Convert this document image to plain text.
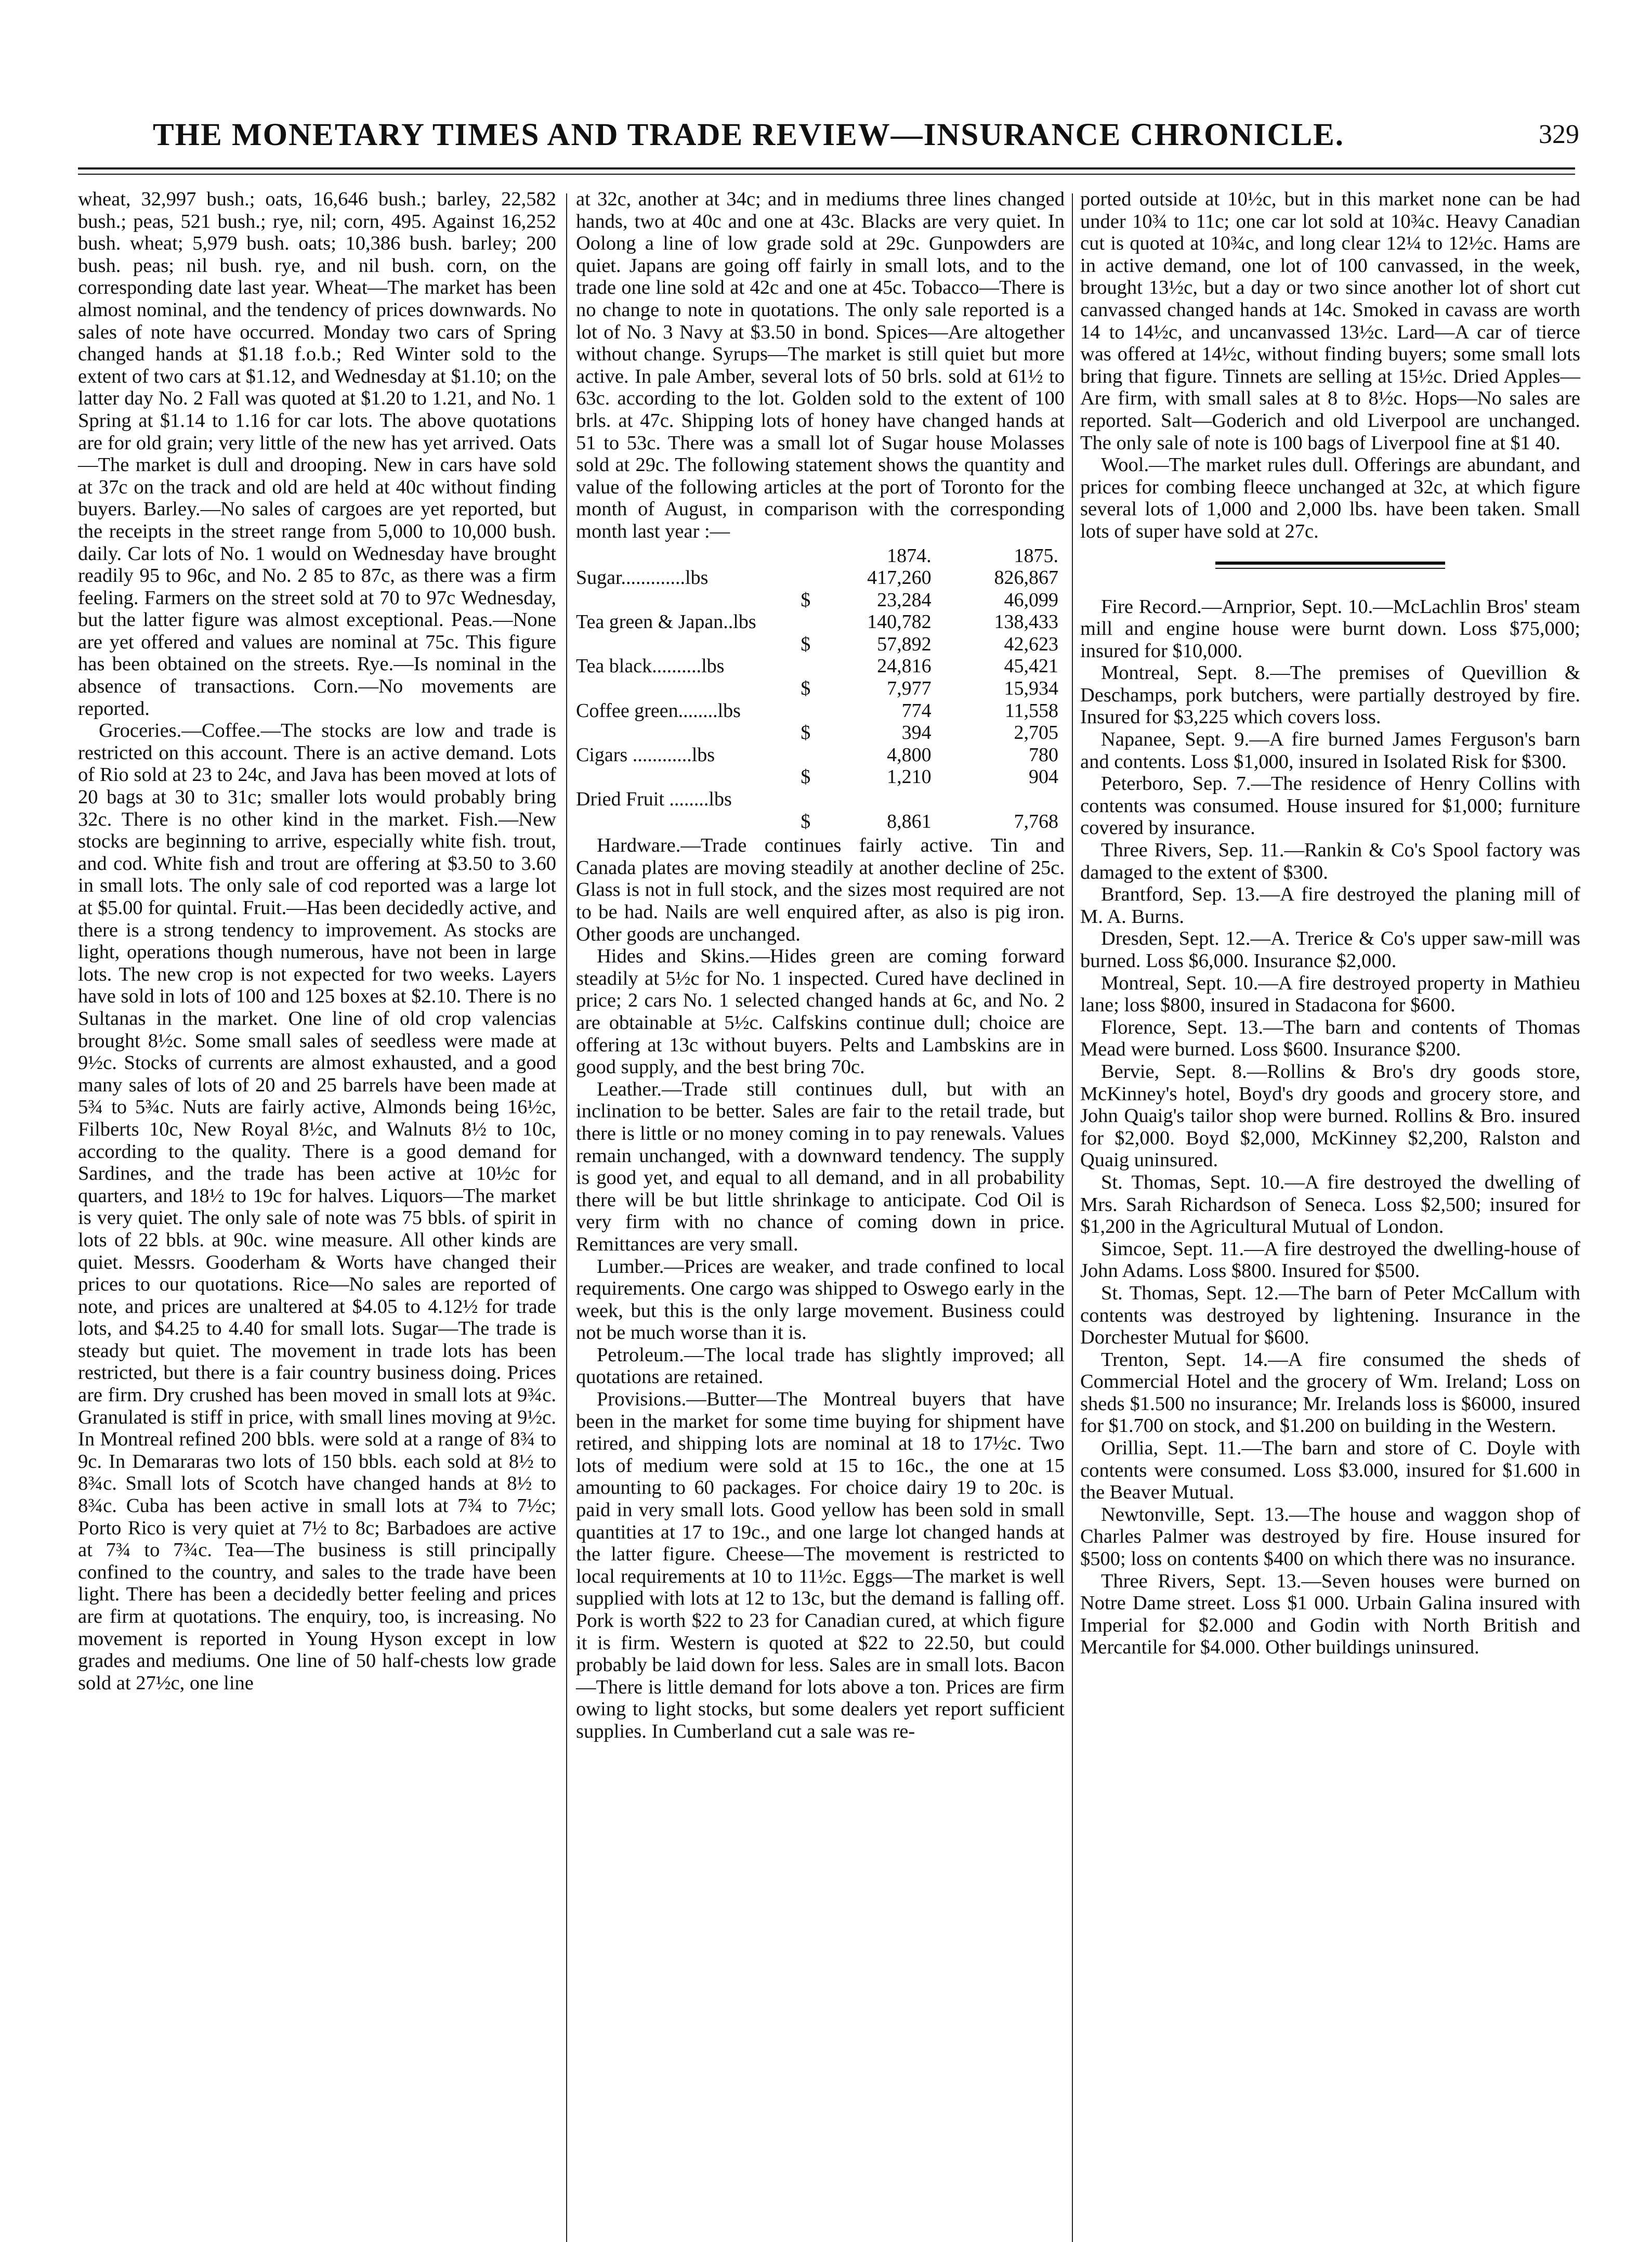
THE MONETARY TIMES AND TRADE REVIEW—INSURANCE CHRONICLE.	329

wheat, 32,997 bush.; oats, 16,646 bush.; barley, 22,582 bush.; peas, 521 bush.; rye, nil; corn, 495. Against 16,252 bush. wheat; 5,979 bush. oats; 10,386 bush. barley; 200 bush. peas; nil bush. rye, and nil bush. corn, on the corresponding date last year. Wheat—The market has been almost nominal, and the tendency of prices downwards. No sales of note have occurred. Monday two cars of Spring changed hands at $1.18 f.o.b.; Red Winter sold to the extent of two cars at $1.12, and Wednesday at $1.10; on the latter day No. 2 Fall was quoted at $1.20 to 1.21, and No. 1 Spring at $1.14 to 1.16 for car lots. The above quotations are for old grain; very little of the new has yet arrived. Oats—The market is dull and drooping. New in cars have sold at 37c on the track and old are held at 40c without finding buyers. Barley.—No sales of cargoes are yet reported, but the receipts in the street range from 5,000 to 10,000 bush. daily. Car lots of No. 1 would on Wednesday have brought readily 95 to 96c, and No. 2 85 to 87c, as there was a firm feeling. Farmers on the street sold at 70 to 97c Wednesday, but the latter figure was almost exceptional. Peas.—None are yet offered and values are nominal at 75c. This figure has been obtained on the streets. Rye.—Is nominal in the absence of transactions. Corn.—No movements are reported.

Groceries.—Coffee.—The stocks are low and trade is restricted on this account. There is an active demand. Lots of Rio sold at 23 to 24c, and Java has been moved at lots of 20 bags at 30 to 31c; smaller lots would probably bring 32c. There is no other kind in the market. Fish.—New stocks are beginning to arrive, especially white fish. trout, and cod. White fish and trout are offering at $3.50 to 3.60 in small lots. The only sale of cod reported was a large lot at $5.00 for quintal. Fruit.—Has been decidedly active, and there is a strong tendency to improvement. As stocks are light, operations though numerous, have not been in large lots. The new crop is not expected for two weeks. Layers have sold in lots of 100 and 125 boxes at $2.10. There is no Sultanas in the market. One line of old crop valencias brought 8½c. Some small sales of seedless were made at 9½c. Stocks of currents are almost exhausted, and a good many sales of lots of 20 and 25 barrels have been made at 5¾ to 5¾c. Nuts are fairly active, Almonds being 16½c, Filberts 10c, New Royal 8½c, and Walnuts 8½ to 10c, according to the quality. There is a good demand for Sardines, and the trade has been active at 10½c for quarters, and 18½ to 19c for halves. Liquors—The market is very quiet. The only sale of note was 75 bbls. of spirit in lots of 22 bbls. at 90c. wine measure. All other kinds are quiet. Messrs. Gooderham & Worts have changed their prices to our quotations. Rice—No sales are reported of note, and prices are unaltered at $4.05 to 4.12½ for trade lots, and $4.25 to 4.40 for small lots. Sugar—The trade is steady but quiet. The movement in trade lots has been restricted, but there is a fair country business doing. Prices are firm. Dry crushed has been moved in small lots at 9¾c. Granulated is stiff in price, with small lines moving at 9½c. In Montreal refined 200 bbls. were sold at a range of 8¾ to 9c. In Demararas two lots of 150 bbls. each sold at 8½ to 8¾c. Small lots of Scotch have changed hands at 8½ to 8¾c. Cuba has been active in small lots at 7¾ to 7½c; Porto Rico is very quiet at 7½ to 8c; Barbadoes are active at 7¾ to 7¾c. Tea—The business is still principally confined to the country, and sales to the trade have been light. There has been a decidedly better feeling and prices are firm at quotations. The enquiry, too, is increasing. No movement is reported in Young Hyson except in low grades and mediums. One line of 50 half-chests low grade sold at 27½c, one line

at 32c, another at 34c; and in mediums three lines changed hands, two at 40c and one at 43c. Blacks are very quiet. In Oolong a line of low grade sold at 29c. Gunpowders are quiet. Japans are going off fairly in small lots, and to the trade one line sold at 42c and one at 45c. Tobacco—There is no change to note in quotations. The only sale reported is a lot of No. 3 Navy at $3.50 in bond. Spices—Are altogether without change. Syrups—The market is still quiet but more active. In pale Amber, several lots of 50 brls. sold at 61½ to 63c. according to the lot. Golden sold to the extent of 100 brls. at 47c. Shipping lots of honey have changed hands at 51 to 53c. There was a small lot of Sugar house Molasses sold at 29c. The following statement shows the quantity and value of the following articles at the port of Toronto for the month of August, in comparison with the corresponding month last year :—

	1874.	1875.
Sugar.............lbs	417,260	826,867
$	23,284	46,099
Tea green & Japan..lbs	140,782	138,433
$	57,892	42,623
Tea black..........lbs	24,816	45,421
$	7,977	15,934
Coffee green........lbs	774	11,558
$	394	2,705
Cigars ............lbs	4,800	780
$	1,210	904
Dried Fruit ........lbs		
$	8,861	7,768

Hardware.—Trade continues fairly active. Tin and Canada plates are moving steadily at another decline of 25c. Glass is not in full stock, and the sizes most required are not to be had. Nails are well enquired after, as also is pig iron. Other goods are unchanged.

Hides and Skins.—Hides green are coming forward steadily at 5½c for No. 1 inspected. Cured have declined in price; 2 cars No. 1 selected changed hands at 6c, and No. 2 are obtainable at 5½c. Calfskins continue dull; choice are offering at 13c without buyers. Pelts and Lambskins are in good supply, and the best bring 70c.

Leather.—Trade still continues dull, but with an inclination to be better. Sales are fair to the retail trade, but there is little or no money coming in to pay renewals. Values remain unchanged, with a downward tendency. The supply is good yet, and equal to all demand, and in all probability there will be but little shrinkage to anticipate. Cod Oil is very firm with no chance of coming down in price. Remittances are very small.

Lumber.—Prices are weaker, and trade confined to local requirements. One cargo was shipped to Oswego early in the week, but this is the only large movement. Business could not be much worse than it is.

Petroleum.—The local trade has slightly improved; all quotations are retained.

Provisions.—Butter—The Montreal buyers that have been in the market for some time buying for shipment have retired, and shipping lots are nominal at 18 to 17½c. Two lots of medium were sold at 15 to 16c., the one at 15 amounting to 60 packages. For choice dairy 19 to 20c. is paid in very small lots. Good yellow has been sold in small quantities at 17 to 19c., and one large lot changed hands at the latter figure. Cheese—The movement is restricted to local requirements at 10 to 11½c. Eggs—The market is well supplied with lots at 12 to 13c, but the demand is falling off. Pork is worth $22 to 23 for Canadian cured, at which figure it is firm. Western is quoted at $22 to 22.50, but could probably be laid down for less. Sales are in small lots. Bacon—There is little demand for lots above a ton. Prices are firm owing to light stocks, but some dealers yet report sufficient supplies. In Cumberland cut a sale was re-

ported outside at 10½c, but in this market none can be had under 10¾ to 11c; one car lot sold at 10¾c. Heavy Canadian cut is quoted at 10¾c, and long clear 12¼ to 12½c. Hams are in active demand, one lot of 100 canvassed, in the week, brought 13½c, but a day or two since another lot of short cut canvassed changed hands at 14c. Smoked in cavass are worth 14 to 14½c, and uncanvassed 13½c. Lard—A car of tierce was offered at 14½c, without finding buyers; some small lots bring that figure. Tinnets are selling at 15½c. Dried Apples—Are firm, with small sales at 8 to 8½c. Hops—No sales are reported. Salt—Goderich and old Liverpool are unchanged. The only sale of note is 100 bags of Liverpool fine at $1 40.

Wool.—The market rules dull. Offerings are abundant, and prices for combing fleece unchanged at 32c, at which figure several lots of 1,000 and 2,000 lbs. have been taken. Small lots of super have sold at 27c.

Fire Record.—Arnprior, Sept. 10.—McLachlin Bros' steam mill and engine house were burnt down. Loss $75,000; insured for $10,000.

Montreal, Sept. 8.—The premises of Quevillion & Deschamps, pork butchers, were partially destroyed by fire. Insured for $3,225 which covers loss.

Napanee, Sept. 9.—A fire burned James Ferguson's barn and contents. Loss $1,000, insured in Isolated Risk for $300.

Peterboro, Sep. 7.—The residence of Henry Collins with contents was consumed. House insured for $1,000; furniture covered by insurance.

Three Rivers, Sep. 11.—Rankin & Co's Spool factory was damaged to the extent of $300.

Brantford, Sep. 13.—A fire destroyed the planing mill of M. A. Burns.

Dresden, Sept. 12.—A. Trerice & Co's upper saw-mill was burned. Loss $6,000. Insurance $2,000.

Montreal, Sept. 10.—A fire destroyed property in Mathieu lane; loss $800, insured in Stadacona for $600.

Florence, Sept. 13.—The barn and contents of Thomas Mead were burned. Loss $600. Insurance $200.

Bervie, Sept. 8.—Rollins & Bro's dry goods store, McKinney's hotel, Boyd's dry goods and grocery store, and John Quaig's tailor shop were burned. Rollins & Bro. insured for $2,000. Boyd $2,000, McKinney $2,200, Ralston and Quaig uninsured.

St. Thomas, Sept. 10.—A fire destroyed the dwelling of Mrs. Sarah Richardson of Seneca. Loss $2,500; insured for $1,200 in the Agricultural Mutual of London.

Simcoe, Sept. 11.—A fire destroyed the dwelling-house of John Adams. Loss $800. Insured for $500.

St. Thomas, Sept. 12.—The barn of Peter McCallum with contents was destroyed by lightening. Insurance in the Dorchester Mutual for $600.

Trenton, Sept. 14.—A fire consumed the sheds of Commercial Hotel and the grocery of Wm. Ireland; Loss on sheds $1.500 no insurance; Mr. Irelands loss is $6000, insured for $1.700 on stock, and $1.200 on building in the Western.

Orillia, Sept. 11.—The barn and store of C. Doyle with contents were consumed. Loss $3.000, insured for $1.600 in the Beaver Mutual.

Newtonville, Sept. 13.—The house and waggon shop of Charles Palmer was destroyed by fire. House insured for $500; loss on contents $400 on which there was no insurance.

Three Rivers, Sept. 13.—Seven houses were burned on Notre Dame street. Loss $1 000. Urbain Galina insured with Imperial for $2.000 and Godin with North British and Mercantile for $4.000. Other buildings uninsured.
